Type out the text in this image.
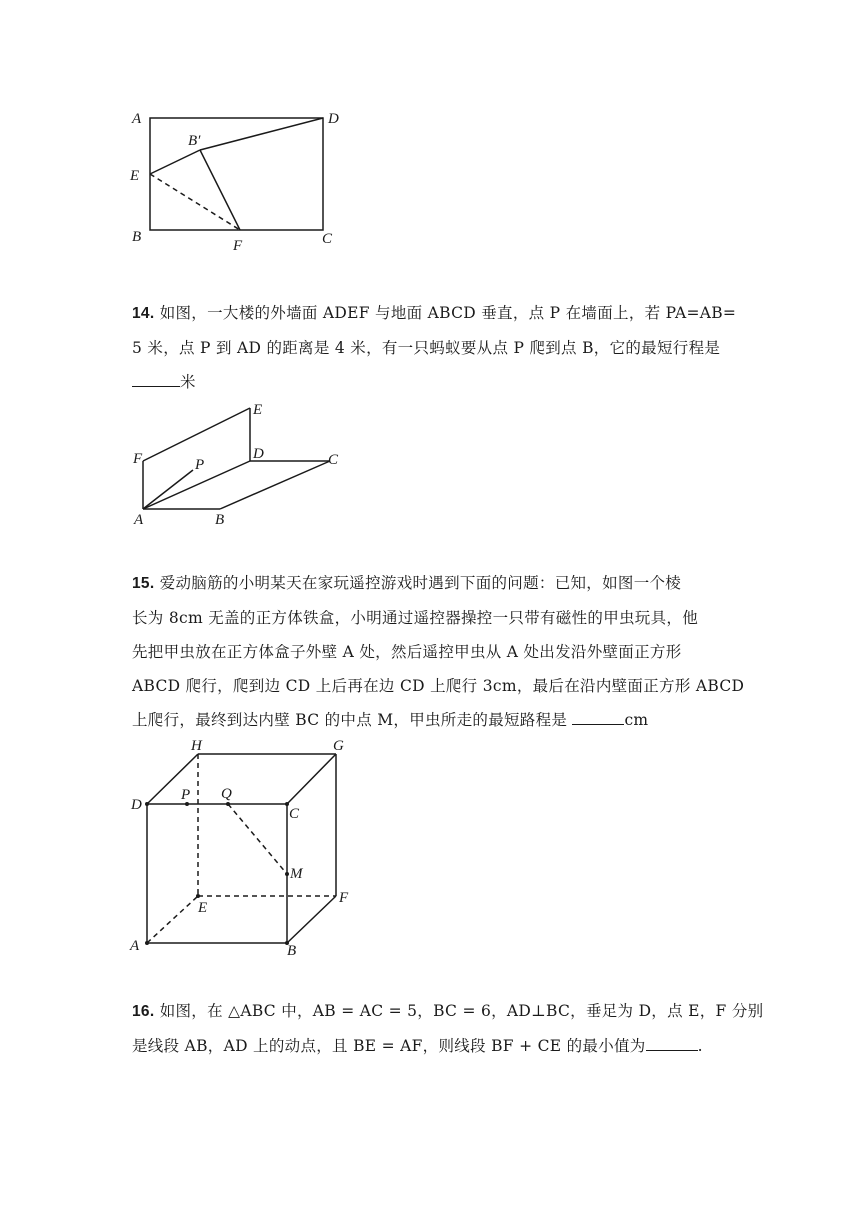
A
B′
D
E
B
F	C
14. 如图，一大楼的外墙面 ADEF 与地面 ABCD 垂直，点 P 在墙面上，若 PA=AB=
5 米，点 P 到 AD 的距离是 4 米，有一只蚂蚁要从点 P 爬到点 B，它的最短行程是
米
E
F	P
D	C
A	B
15. 爱动脑筋的小明某天在家玩遥控游戏时遇到下面的问题：已知，如图一个棱
长为 8cm 无盖的正方体铁盒，小明通过遥控器操控一只带有磁性的甲虫玩具，他
先把甲虫放在正方体盒子外壁 A 处，然后遥控甲虫从 A 处出发沿外壁面正方形
ABCD 爬行，爬到边 CD 上后再在边 CD 上爬行 3cm，最后在沿内壁面正方形 ABCD
上爬行，最终到达内壁 BC 的中点 M，甲虫所走的最短路程是	cm
H	G
D
P Q
C
M
E
F
A	B
16. 如图，在 △ABC 中，AB = AC = 5，BC = 6，AD⊥BC，垂足为 D，点 E，F 分别
是线段 AB，AD 上的动点，且 BE = AF，则线段 BF + CE 的最小值为	.
